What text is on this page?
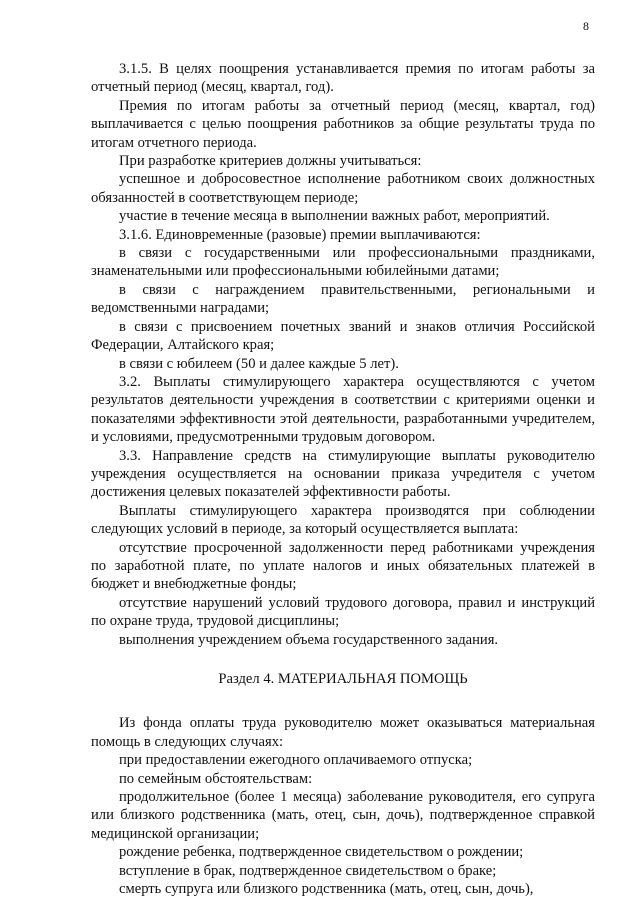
8

3.1.5. В целях поощрения устанавливается премия по итогам работы за отчетный период (месяц, квартал, год).

Премия по итогам работы за отчетный период (месяц, квартал, год) выплачивается с целью поощрения работников за общие результаты труда по итогам отчетного периода.

При разработке критериев должны учитываться:

успешное и добросовестное исполнение работником своих должностных обязанностей в соответствующем периоде;

участие в течение месяца в выполнении важных работ, мероприятий.

3.1.6. Единовременные (разовые) премии выплачиваются:

в связи с государственными или профессиональными праздниками, знаменательными или профессиональными юбилейными датами;

в связи с награждением правительственными, региональными и ведомственными наградами;

в связи с присвоением почетных званий и знаков отличия Российской Федерации, Алтайского края;

в связи с юбилеем (50 и далее каждые 5 лет).

3.2. Выплаты стимулирующего характера осуществляются с учетом результатов деятельности учреждения в соответствии с критериями оценки и показателями эффективности этой деятельности, разработанными учредителем, и условиями, предусмотренными трудовым договором.

3.3. Направление средств на стимулирующие выплаты руководителю учреждения осуществляется на основании приказа учредителя с учетом достижения целевых показателей эффективности работы.

Выплаты стимулирующего характера производятся при соблюдении следующих условий в периоде, за который осуществляется выплата:

отсутствие просроченной задолженности перед работниками учреждения по заработной плате, по уплате налогов и иных обязательных платежей в бюджет и внебюджетные фонды;

отсутствие нарушений условий трудового договора, правил и инструкций по охране труда, трудовой дисциплины;

выполнения учреждением объема государственного задания.

Раздел 4. МАТЕРИАЛЬНАЯ ПОМОЩЬ

Из фонда оплаты труда руководителю может оказываться материальная помощь в следующих случаях:

при предоставлении ежегодного оплачиваемого отпуска;

по семейным обстоятельствам:

продолжительное (более 1 месяца) заболевание руководителя, его супруга или близкого родственника (мать, отец, сын, дочь), подтвержденное справкой медицинской организации;

рождение ребенка, подтвержденное свидетельством о рождении;

вступление в брак, подтвержденное свидетельством о браке;

смерть супруга или близкого родственника (мать, отец, сын, дочь),
